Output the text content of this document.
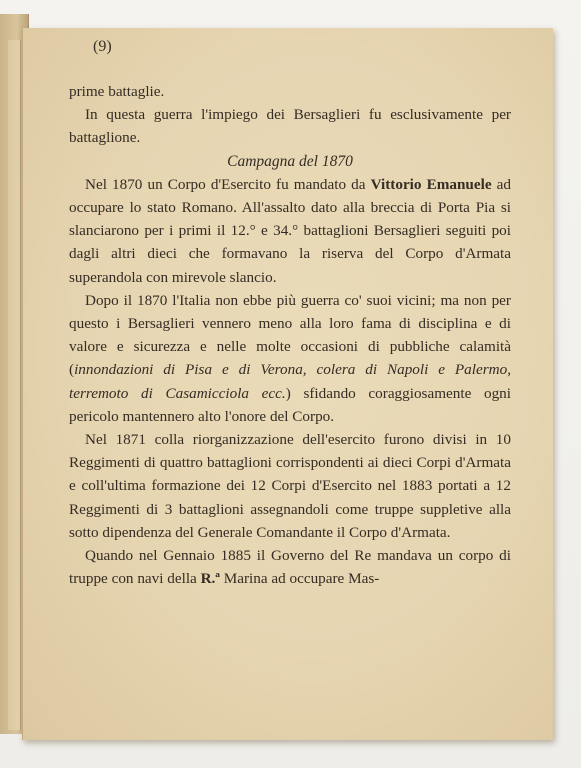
(9)

prime battaglie.

In questa guerra l'impiego dei Bersaglieri fu esclusivamente per battaglione.

Campagna del 1870

Nel 1870 un Corpo d'Esercito fu mandato da Vittorio Emanuele ad occupare lo stato Romano. All'assalto dato alla breccia di Porta Pia si slanciarono per i primi il 12.° e 34.° battaglioni Bersaglieri seguiti poi dagli altri dieci che formavano la riserva del Corpo d'Armata superandola con mirevole slancio.

Dopo il 1870 l'Italia non ebbe più guerra co' suoi vicini; ma non per questo i Bersaglieri vennero meno alla loro fama di disciplina e di valore e sicurezza e nelle molte occasioni di pubbliche calamità (innondazioni di Pisa e di Verona, colera di Napoli e Palermo, terremoto di Casamicciola ecc.) sfidando coraggiosamente ogni pericolo mantennero alto l'onore del Corpo.

Nel 1871 colla riorganizzazione dell'esercito furono divisi in 10 Reggimenti di quattro battaglioni corrispondenti ai dieci Corpi d'Armata e coll'ultima formazione dei 12 Corpi d'Esercito nel 1883 portati a 12 Reggimenti di 3 battaglioni assegnandoli come truppe suppletive alla sotto dipendenza del Generale Comandante il Corpo d'Armata.

Quando nel Gennaio 1885 il Governo del Re mandava un corpo di truppe con navi della R.ª Marina ad occupare Mas-
